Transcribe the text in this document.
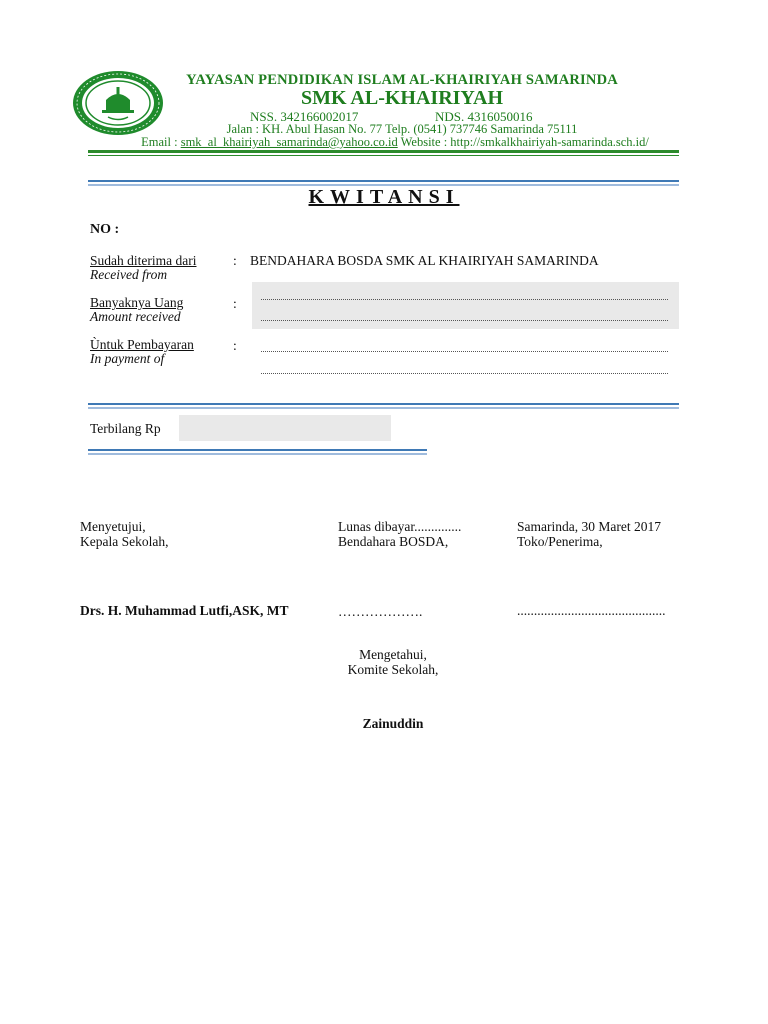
YAYASAN PENDIDIKAN ISLAM AL-KHAIRIYAH SAMARINDA
SMK AL-KHAIRIYAH
NSS. 342166002017	NDS. 4316050016
Jalan : KH. Abul Hasan No. 77 Telp. (0541) 737746 Samarinda 75111
Email : smk_al_khairiyah_samarinda@yahoo.co.id Website : http://smkalkhairiyah-samarinda.sch.id/
KWITANSI
NO :
Sudah diterima dari
Received from
: BENDAHARA BOSDA SMK AL KHAIRIYAH SAMARINDA
Banyaknya Uang
Amount received
:
Ùntuk Pembayaran
In payment of
:
Terbilang Rp
Menyetujui,
Kepala Sekolah,
Drs. H. Muhammad Lutfi,ASK, MT
Lunas dibayar..............
Bendahara BOSDA,
……………….
Samarinda, 30 Maret 2017
Toko/Penerima,
............................................
Mengetahui,
Komite Sekolah,
Zainuddin
